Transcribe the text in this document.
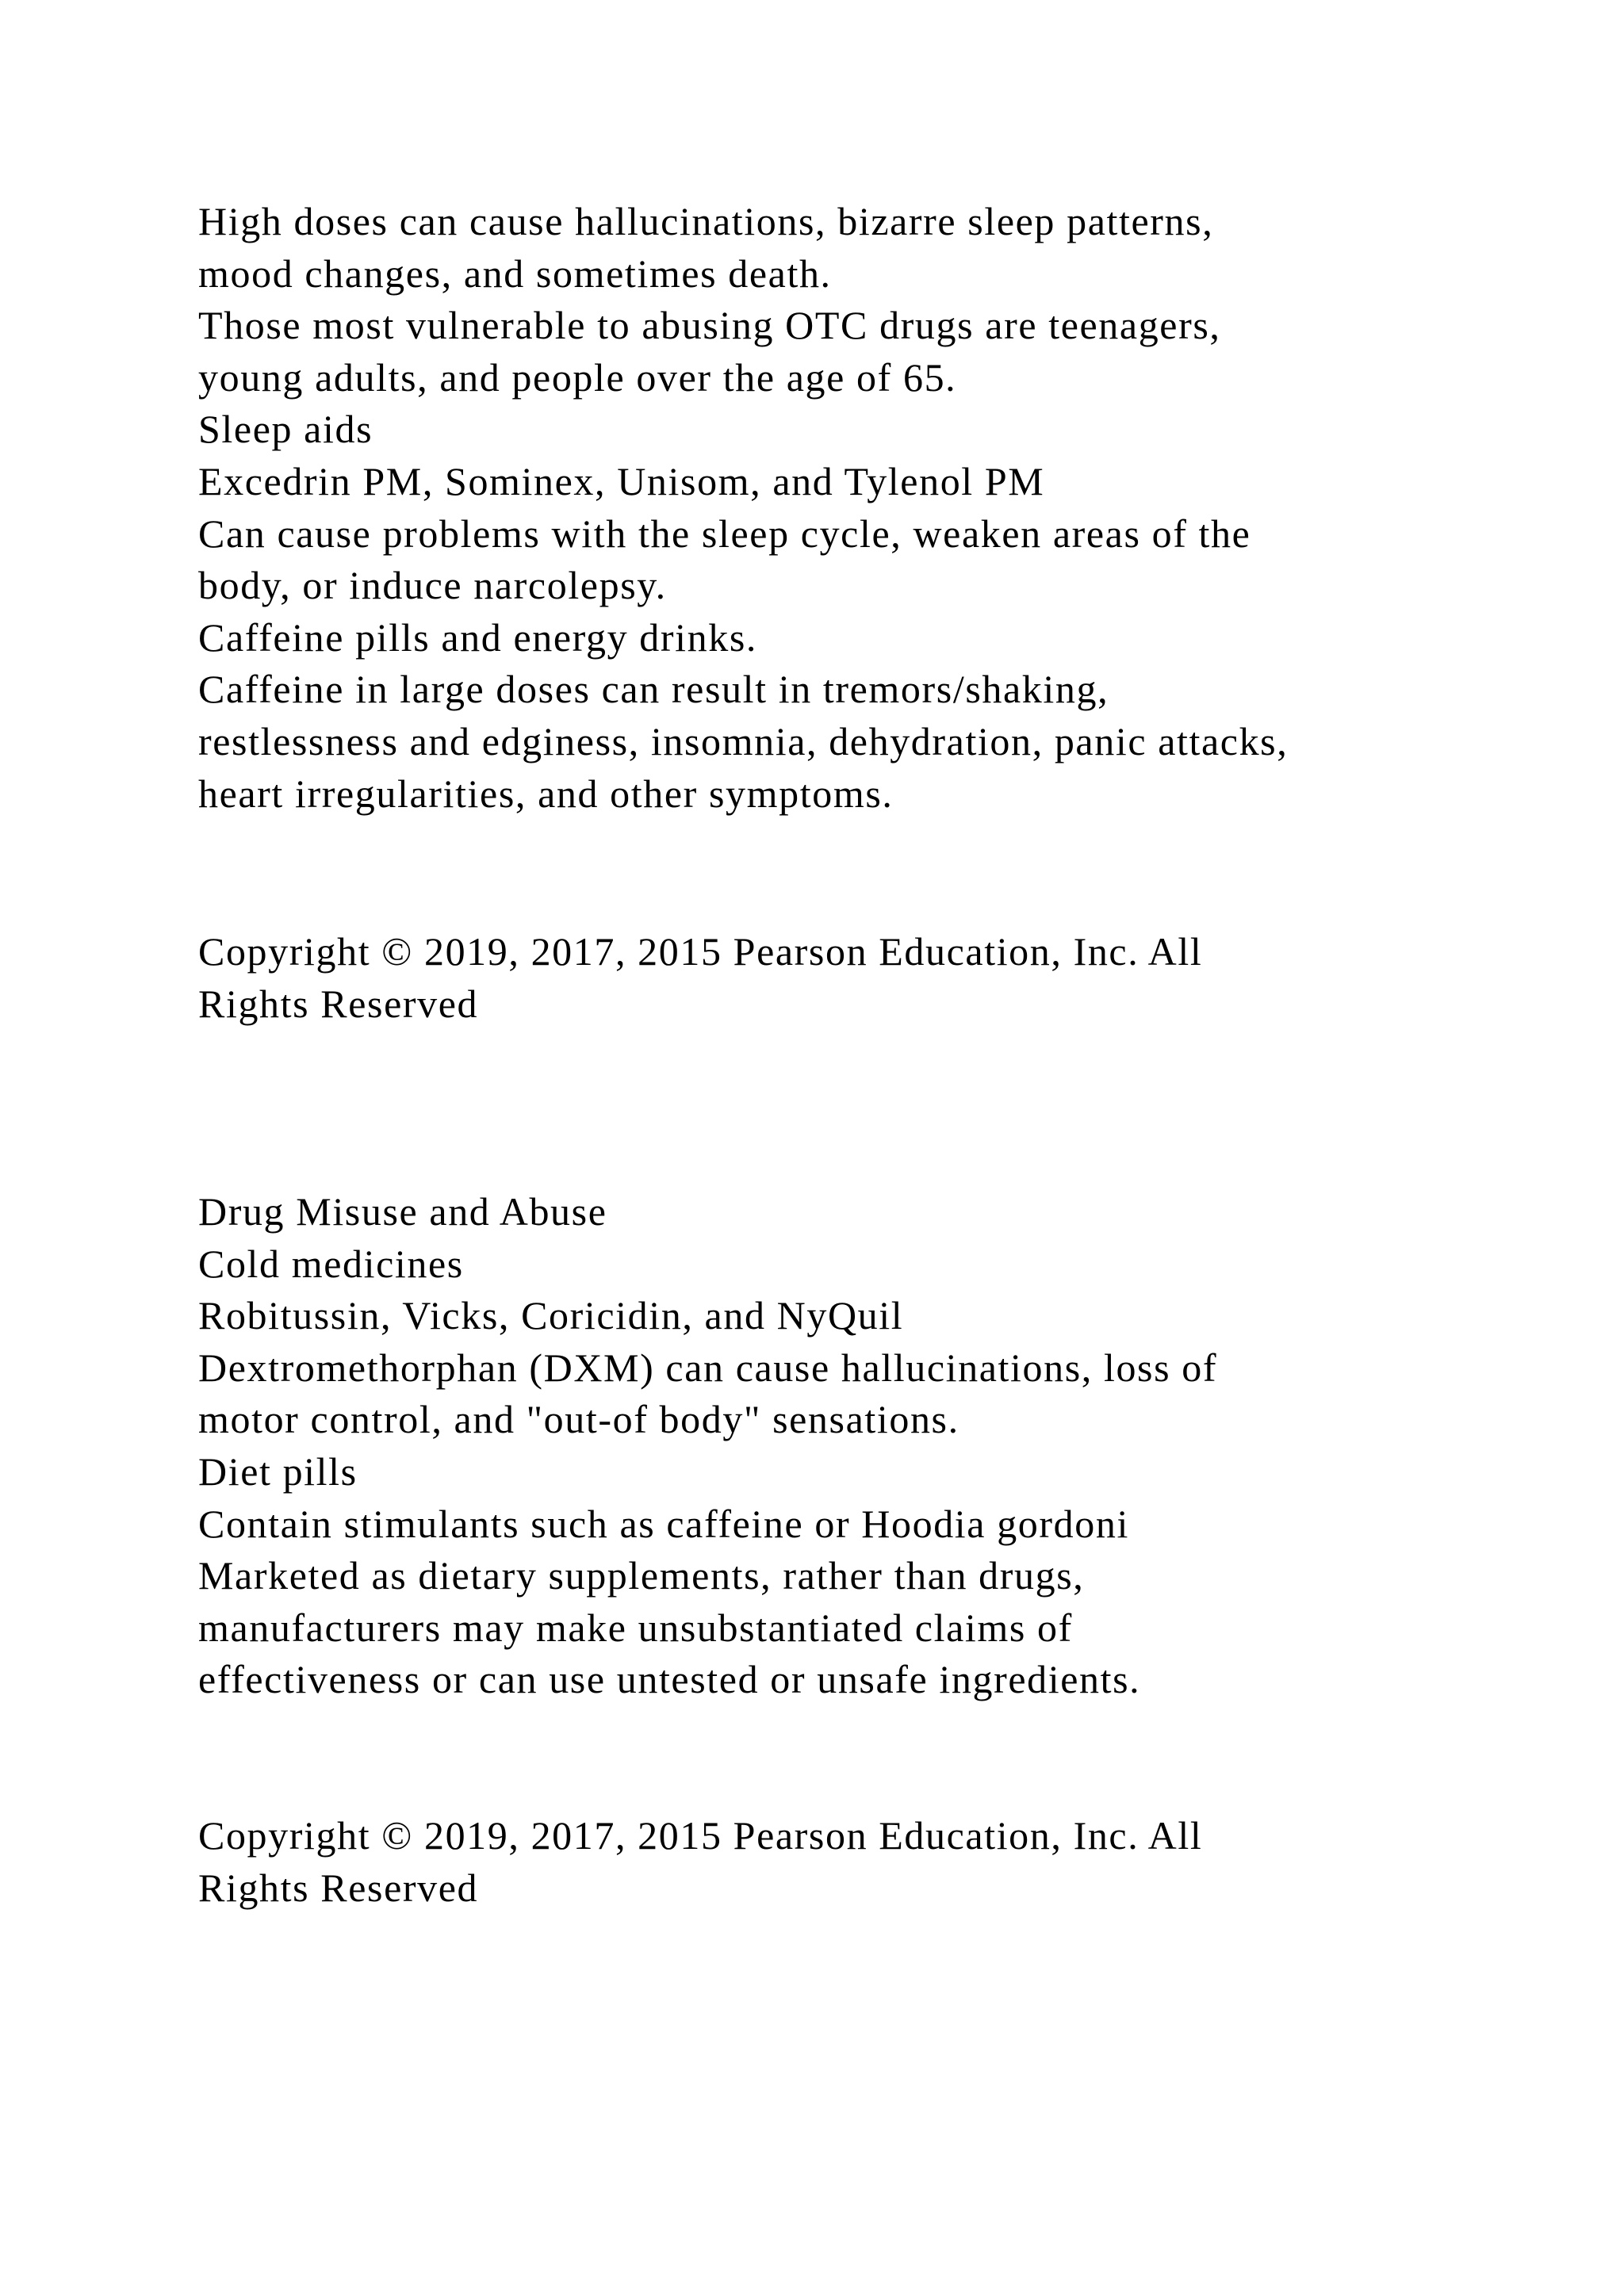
High doses can cause hallucinations, bizarre sleep patterns,

mood changes, and sometimes death.

Those most vulnerable to abusing OTC drugs are teenagers,

young adults, and people over the age of 65.

Sleep aids

Excedrin PM, Sominex, Unisom, and Tylenol PM

Can cause problems with the sleep cycle, weaken areas of the

body, or induce narcolepsy.

Caffeine pills and energy drinks.

Caffeine in large doses can result in tremors/shaking,

restlessness and edginess, insomnia, dehydration, panic attacks,

heart irregularities, and other symptoms.

Copyright © 2019, 2017, 2015 Pearson Education, Inc. All

Rights Reserved

Drug Misuse and Abuse

Cold medicines

Robitussin, Vicks, Coricidin, and NyQuil

Dextromethorphan (DXM) can cause hallucinations, loss of

motor control, and "out-of body" sensations.

Diet pills

Contain stimulants such as caffeine or Hoodia gordoni

Marketed as dietary supplements, rather than drugs,

manufacturers may make unsubstantiated claims of

effectiveness or can use untested or unsafe ingredients.

Copyright © 2019, 2017, 2015 Pearson Education, Inc. All

Rights Reserved
